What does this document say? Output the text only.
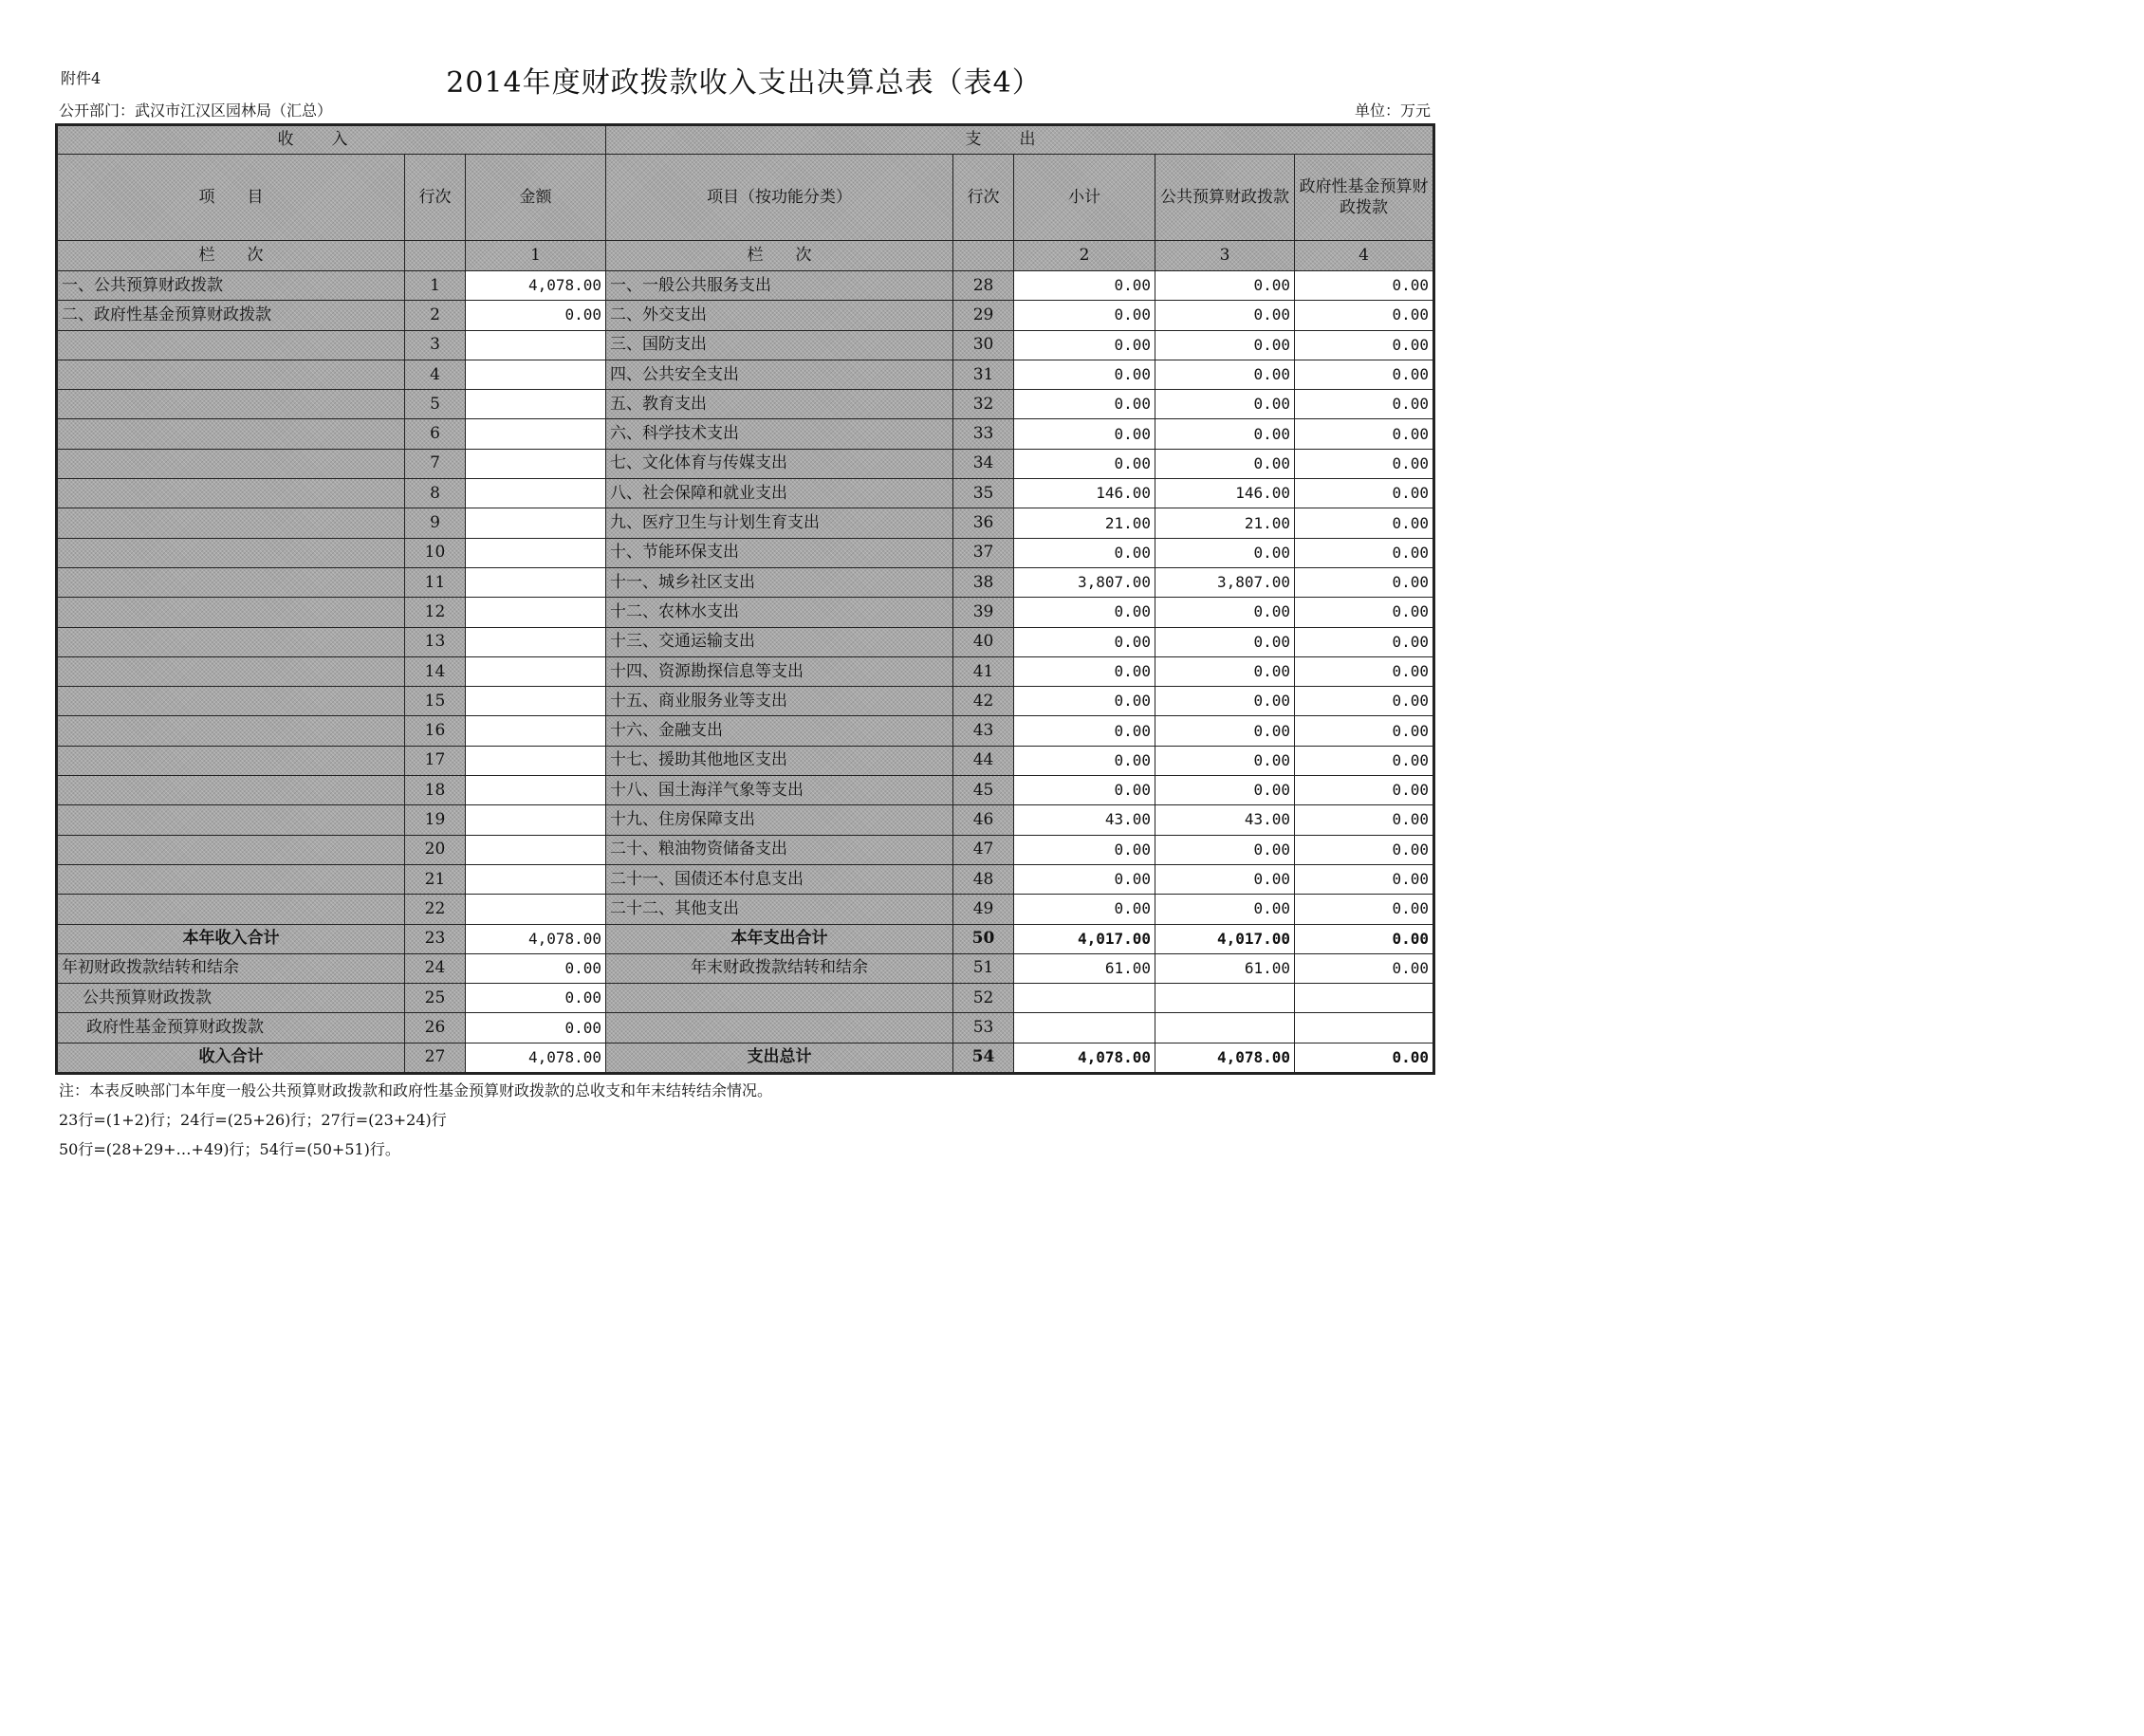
附件4	2014年度财政拨款收入支出决算总表（表4）
公开部门：武汉市江汉区园林局（汇总）	单位：万元
收入			支出				
项　　目	行次	金额	项目（按功能分类）	行次	小计	公共预算财政拨款	政府性基金预算财政拨款
栏　　次		1	栏　　次		2	3	4
一、公共预算财政拨款	1	4,078.00	一、一般公共服务支出	28	0.00	0.00	0.00
二、政府性基金预算财政拨款	2	0.00	二、外交支出	29	0.00	0.00	0.00
	3		三、国防支出	30	0.00	0.00	0.00
	4		四、公共安全支出	31	0.00	0.00	0.00
	5		五、教育支出	32	0.00	0.00	0.00
	6		六、科学技术支出	33	0.00	0.00	0.00
	7		七、文化体育与传媒支出	34	0.00	0.00	0.00
	8		八、社会保障和就业支出	35	146.00	146.00	0.00
	9		九、医疗卫生与计划生育支出	36	21.00	21.00	0.00
	10		十、节能环保支出	37	0.00	0.00	0.00
	11		十一、城乡社区支出	38	3,807.00	3,807.00	0.00
	12		十二、农林水支出	39	0.00	0.00	0.00
	13		十三、交通运输支出	40	0.00	0.00	0.00
	14		十四、资源勘探信息等支出	41	0.00	0.00	0.00
	15		十五、商业服务业等支出	42	0.00	0.00	0.00
	16		十六、金融支出	43	0.00	0.00	0.00
	17		十七、援助其他地区支出	44	0.00	0.00	0.00
	18		十八、国土海洋气象等支出	45	0.00	0.00	0.00
	19		十九、住房保障支出	46	43.00	43.00	0.00
	20		二十、粮油物资储备支出	47	0.00	0.00	0.00
	21		二十一、国债还本付息支出	48	0.00	0.00	0.00
	22		二十二、其他支出	49	0.00	0.00	0.00
本年收入合计	23	4,078.00	本年支出合计	50	4,017.00	4,017.00	0.00
年初财政拨款结转和结余	24	0.00	年末财政拨款结转和结余	51	61.00	61.00	0.00
公共预算财政拨款	25	0.00		52			
政府性基金预算财政拨款	26	0.00		53			
收入合计	27	4,078.00	支出总计	54	4,078.00	4,078.00	0.00
注：本表反映部门本年度一般公共预算财政拨款和政府性基金预算财政拨款的总收支和年末结转结余情况。
23行=(1+2)行；24行=(25+26)行；27行=(23+24)行
50行=(28+29+…+49)行；54行=(50+51)行。
